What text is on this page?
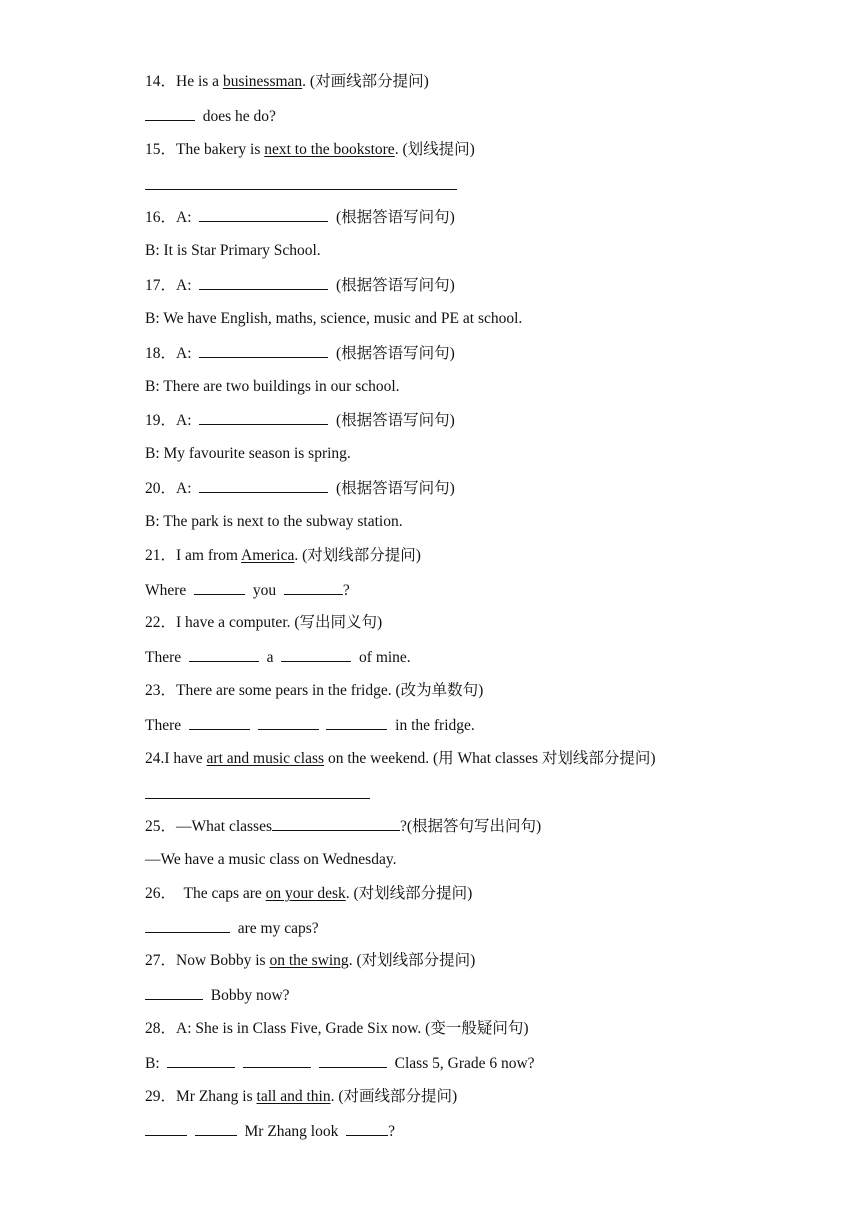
14．He is a businessman. (对画线部分提问)
does he do?
15．The bakery is next to the bookstore. (划线提问)
16．A:	(根据答语写问句)
B: It is Star Primary School.
17．A:	(根据答语写问句)
B: We have English, maths, science, music and PE at school.
18．A:	(根据答语写问句)
B: There are two buildings in our school.
19．A:	(根据答语写问句)
B: My favourite season is spring.
20．A:	(根据答语写问句)
B: The park is next to the subway station.
21．I am from America. (对划线部分提问)
Where	you	?
22．I have a computer. (写出同义句)
There	a	of mine.
23．There are some pears in the fridge. (改为单数句)
There	in the fridge.
24.I have art and music class on the weekend. (用 What classes 对划线部分提问)
25．—What classes	?(根据答句写出问句)
—We have a music class on Wednesday.
26．  The caps are on your desk. (对划线部分提问)
are my caps?
27．Now Bobby is on the swing. (对划线部分提问)
Bobby now?
28．A: She is in Class Five, Grade Six now. (变一般疑问句)
B:	Class 5, Grade 6 now?
29．Mr Zhang is tall and thin. (对画线部分提问)
Mr Zhang look	?
